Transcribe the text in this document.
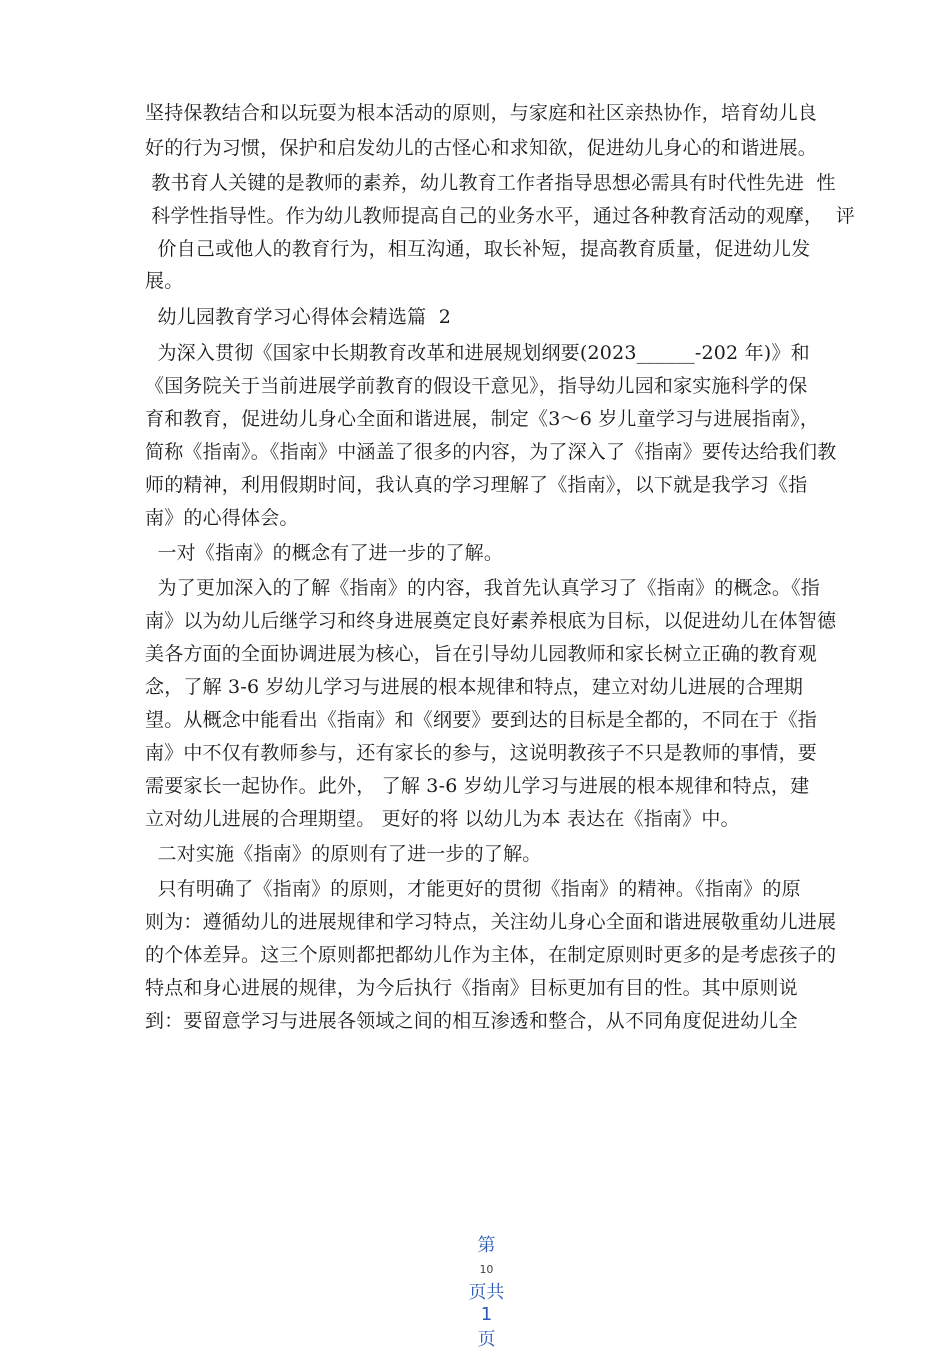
坚持保教结合和以玩耍为根本活动的原则，与家庭和社区亲热协作，培育幼儿良
好的行为习惯，保护和启发幼儿的古怪心和求知欲，促进幼儿身心的和谐进展。
教书育人关键的是教师的素养，幼儿教育工作者指导思想必需具有时代性先进  性
科学性指导性。作为幼儿教师提高自己的业务水平，通过各种教育活动的观摩，  评
价自己或他人的教育行为，相互沟通，取长补短，提高教育质量，促进幼儿发
展。
幼儿园教育学习心得体会精选篇  2
为深入贯彻《国家中长期教育改革和进展规划纲要(2023______-202 年)》和
《国务院关于当前进展学前教育的假设干意见》，指导幼儿园和家实施科学的保
育和教育，促进幼儿身心全面和谐进展，制定《3～6 岁儿童学习与进展指南》，
简称《指南》。《指南》中涵盖了很多的内容，为了深入了《指南》要传达给我们教
师的精神，利用假期时间，我认真的学习理解了《指南》，以下就是我学习《指
南》的心得体会。
一对《指南》的概念有了进一步的了解。
为了更加深入的了解《指南》的内容，我首先认真学习了《指南》的概念。《指
南》以为幼儿后继学习和终身进展奠定良好素养根底为目标，以促进幼儿在体智德
美各方面的全面协调进展为核心，旨在引导幼儿园教师和家长树立正确的教育观
念，了解 3-6 岁幼儿学习与进展的根本规律和特点，建立对幼儿进展的合理期
望。从概念中能看出《指南》和《纲要》要到达的目标是全都的，不同在于《指
南》中不仅有教师参与，还有家长的参与，这说明教孩子不只是教师的事情，要
需要家长一起协作。此外， 了解 3-6 岁幼儿学习与进展的根本规律和特点，建
立对幼儿进展的合理期望。 更好的将 以幼儿为本 表达在《指南》中。
二对实施《指南》的原则有了进一步的了解。
只有明确了《指南》的原则，才能更好的贯彻《指南》的精神。《指南》的原
则为：遵循幼儿的进展规律和学习特点，关注幼儿身心全面和谐进展敬重幼儿进展
的个体差异。这三个原则都把都幼儿作为主体，在制定原则时更多的是考虑孩子的
特点和身心进展的规律，为今后执行《指南》目标更加有目的性。其中原则说
到：要留意学习与进展各领域之间的相互渗透和整合，从不同角度促进幼儿全

第
10
页共
1
页
